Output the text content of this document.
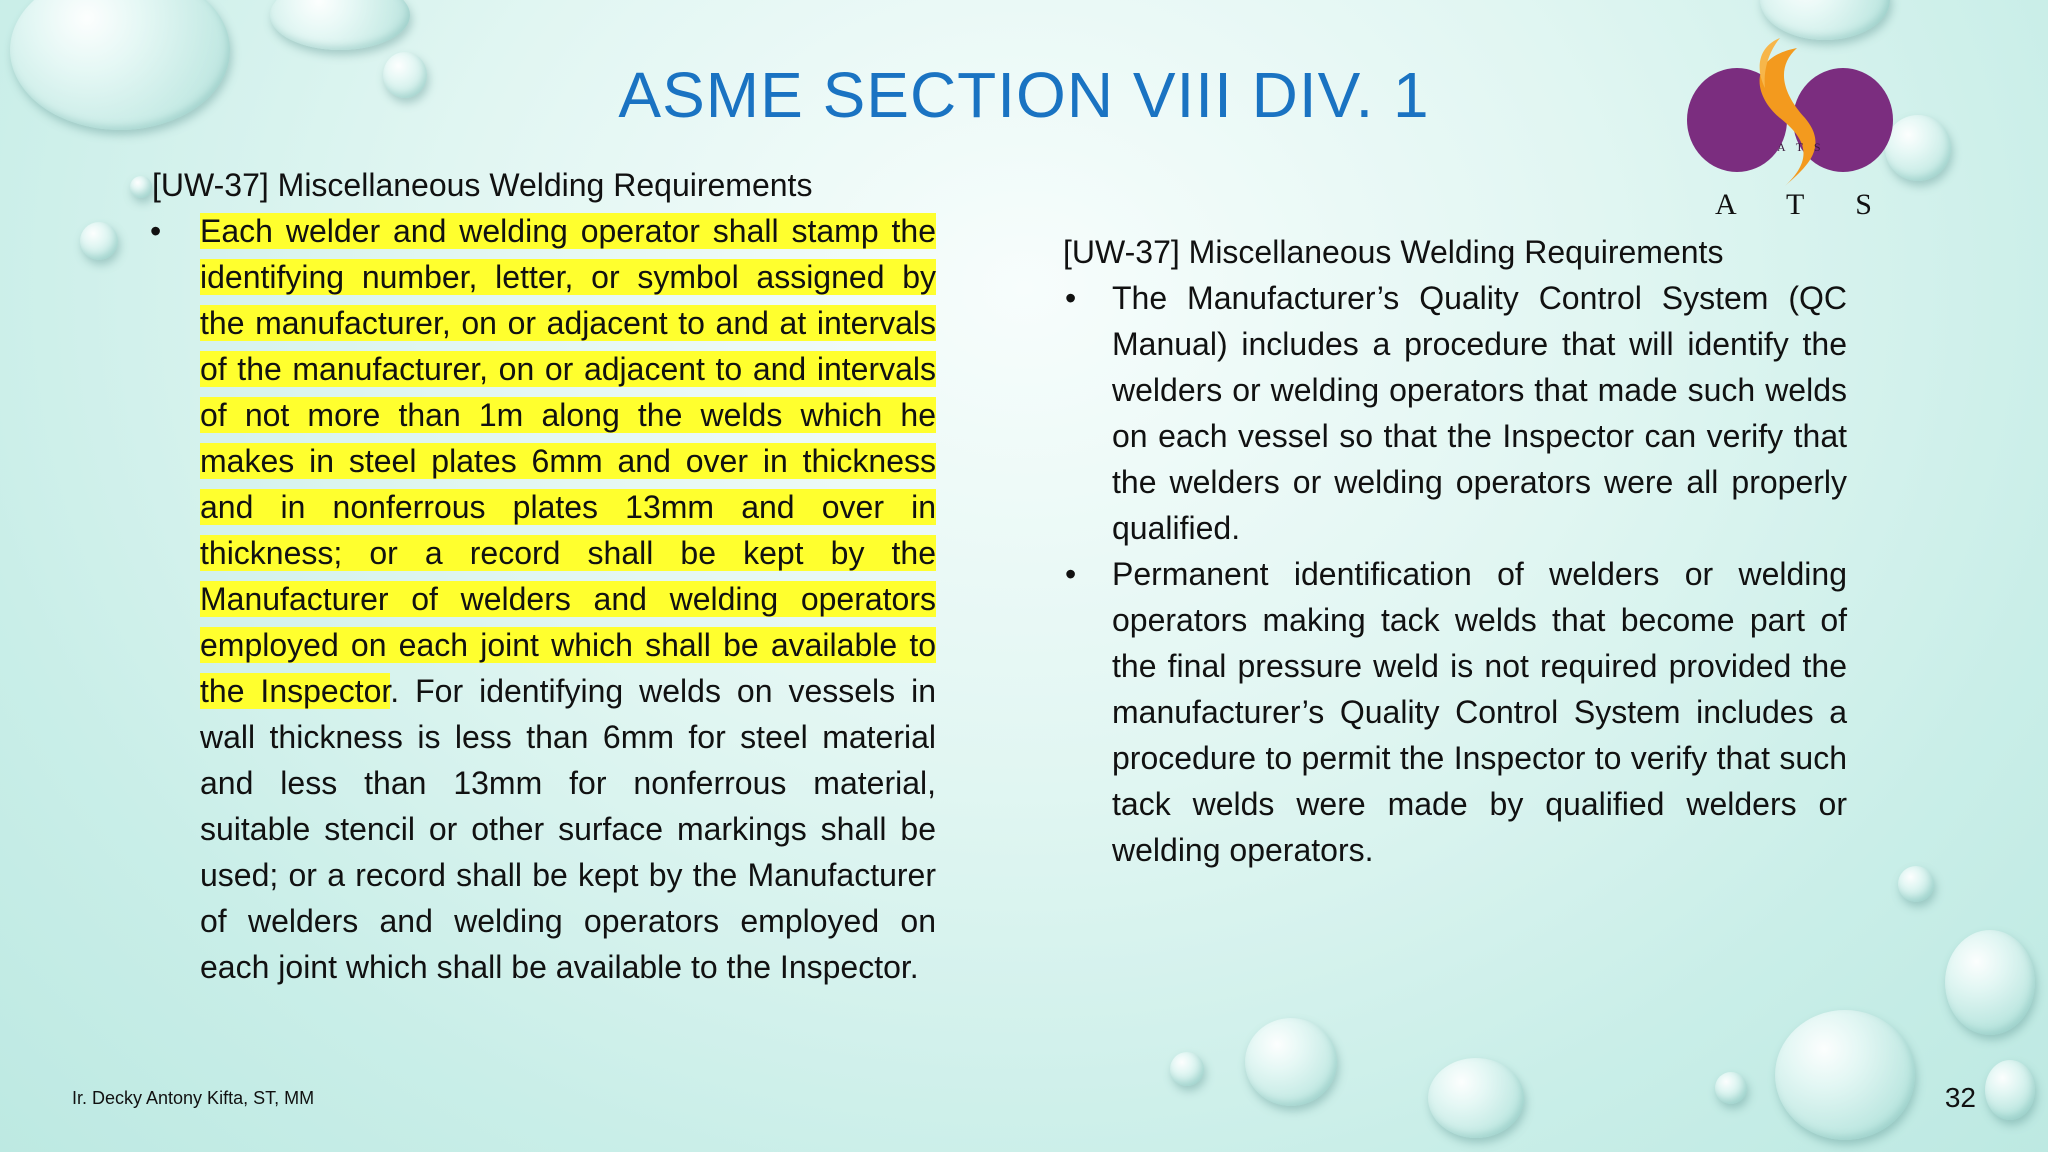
ASME SECTION VIII DIV. 1
A T S
A T S
[UW-37] Miscellaneous Welding Requirements
• Each welder and welding operator shall stamp the identifying number, letter, or symbol assigned by the manufacturer, on or adjacent to and at intervals of the manufacturer, on or adjacent to and intervals of not more than 1m along the welds which he makes in steel plates 6mm and over in thickness and in nonferrous plates 13mm and over in thickness; or a record shall be kept by the Manufacturer of welders and welding operators employed on each joint which shall be available to the Inspector. For identifying welds on vessels in wall thickness is less than 6mm for steel material and less than 13mm for nonferrous material, suitable stencil or other surface markings shall be used; or a record shall be kept by the Manufacturer of welders and welding operators employed on each joint which shall be available to the Inspector.
[UW-37] Miscellaneous Welding Requirements
• The Manufacturer’s Quality Control System (QC Manual) includes a procedure that will identify the welders or welding operators that made such welds on each vessel so that the Inspector can verify that the welders or welding operators were all properly qualified.
• Permanent identification of welders or welding operators making tack welds that become part of the final pressure weld is not required provided the manufacturer’s Quality Control System includes a procedure to permit the Inspector to verify that such tack welds were made by qualified welders or welding operators.
Ir. Decky Antony Kifta, ST, MM	32
